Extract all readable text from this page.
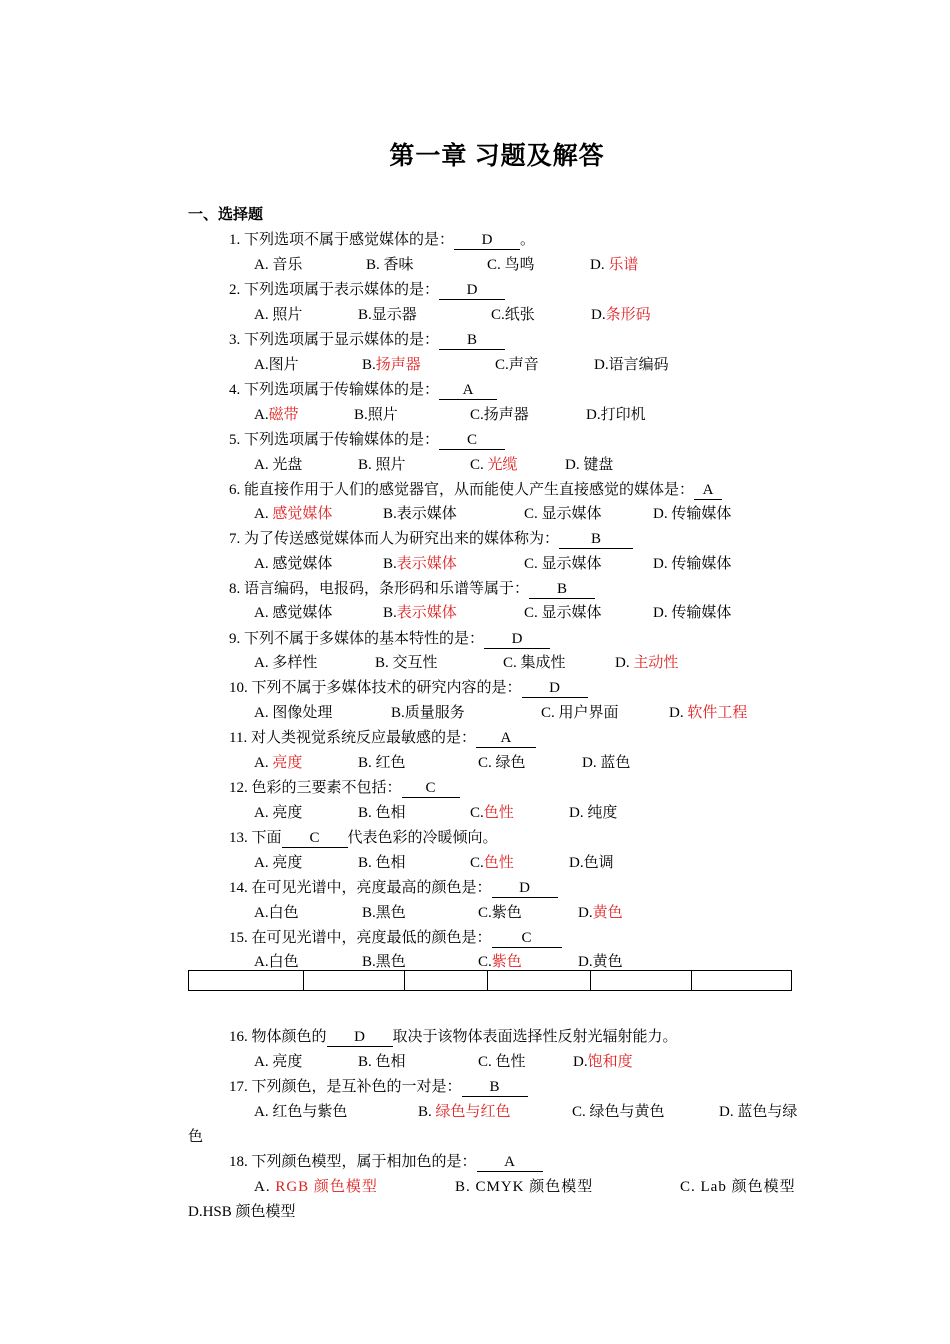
第一章 习题及解答
一、选择题
1. 下列选项不属于感觉媒体的是： D 。
A. 音乐	B. 香味	C. 鸟鸣	D. 乐谱
2. 下列选项属于表示媒体的是： D
A. 照片	B.显示器	C.纸张	D.条形码
3. 下列选项属于显示媒体的是： B
A.图片	B.扬声器	C.声音	D.语言编码
4. 下列选项属于传输媒体的是： A
A.磁带	B.照片	C.扬声器	D.打印机
5. 下列选项属于传输媒体的是： C
A. 光盘	B. 照片	C. 光缆	D. 键盘
6. 能直接作用于人们的感觉器官，从而能使人产生直接感觉的媒体是： A
A. 感觉媒体	B.表示媒体	C. 显示媒体	D. 传输媒体
7. 为了传送感觉媒体而人为研究出来的媒体称为： B
A. 感觉媒体	B.表示媒体	C. 显示媒体	D. 传输媒体
8. 语言编码，电报码，条形码和乐谱等属于： B
A. 感觉媒体	B.表示媒体	C. 显示媒体	D. 传输媒体
9. 下列不属于多媒体的基本特性的是： D
A. 多样性	B. 交互性	C. 集成性	D. 主动性
10. 下列不属于多媒体技术的研究内容的是： D
A. 图像处理	B.质量服务	C. 用户界面	D. 软件工程
11. 对人类视觉系统反应最敏感的是： A
A. 亮度	B. 红色	C. 绿色	D. 蓝色
12. 色彩的三要素不包括： C
A. 亮度	B. 色相	C.色性	D. 纯度
13. 下面 C 代表色彩的冷暖倾向。
A. 亮度	B. 色相	C.色性	D.色调
14. 在可见光谱中，亮度最高的颜色是： D
A.白色	B.黑色	C.紫色	D.黄色
15. 在可见光谱中，亮度最低的颜色是： C
A.白色	B.黑色	C.紫色	D.黄色
16. 物体颜色的 D 取决于该物体表面选择性反射光辐射能力。
A. 亮度	B. 色相	C. 色性	D.饱和度
17. 下列颜色，是互补色的一对是： B
A. 红色与紫色	B. 绿色与红色	C. 绿色与黄色	D. 蓝色与绿
色
18. 下列颜色模型，属于相加色的是： A
A. RGB 颜色模型	B. CMYK 颜色模型	C. Lab 颜色模型
D.HSB 颜色模型
